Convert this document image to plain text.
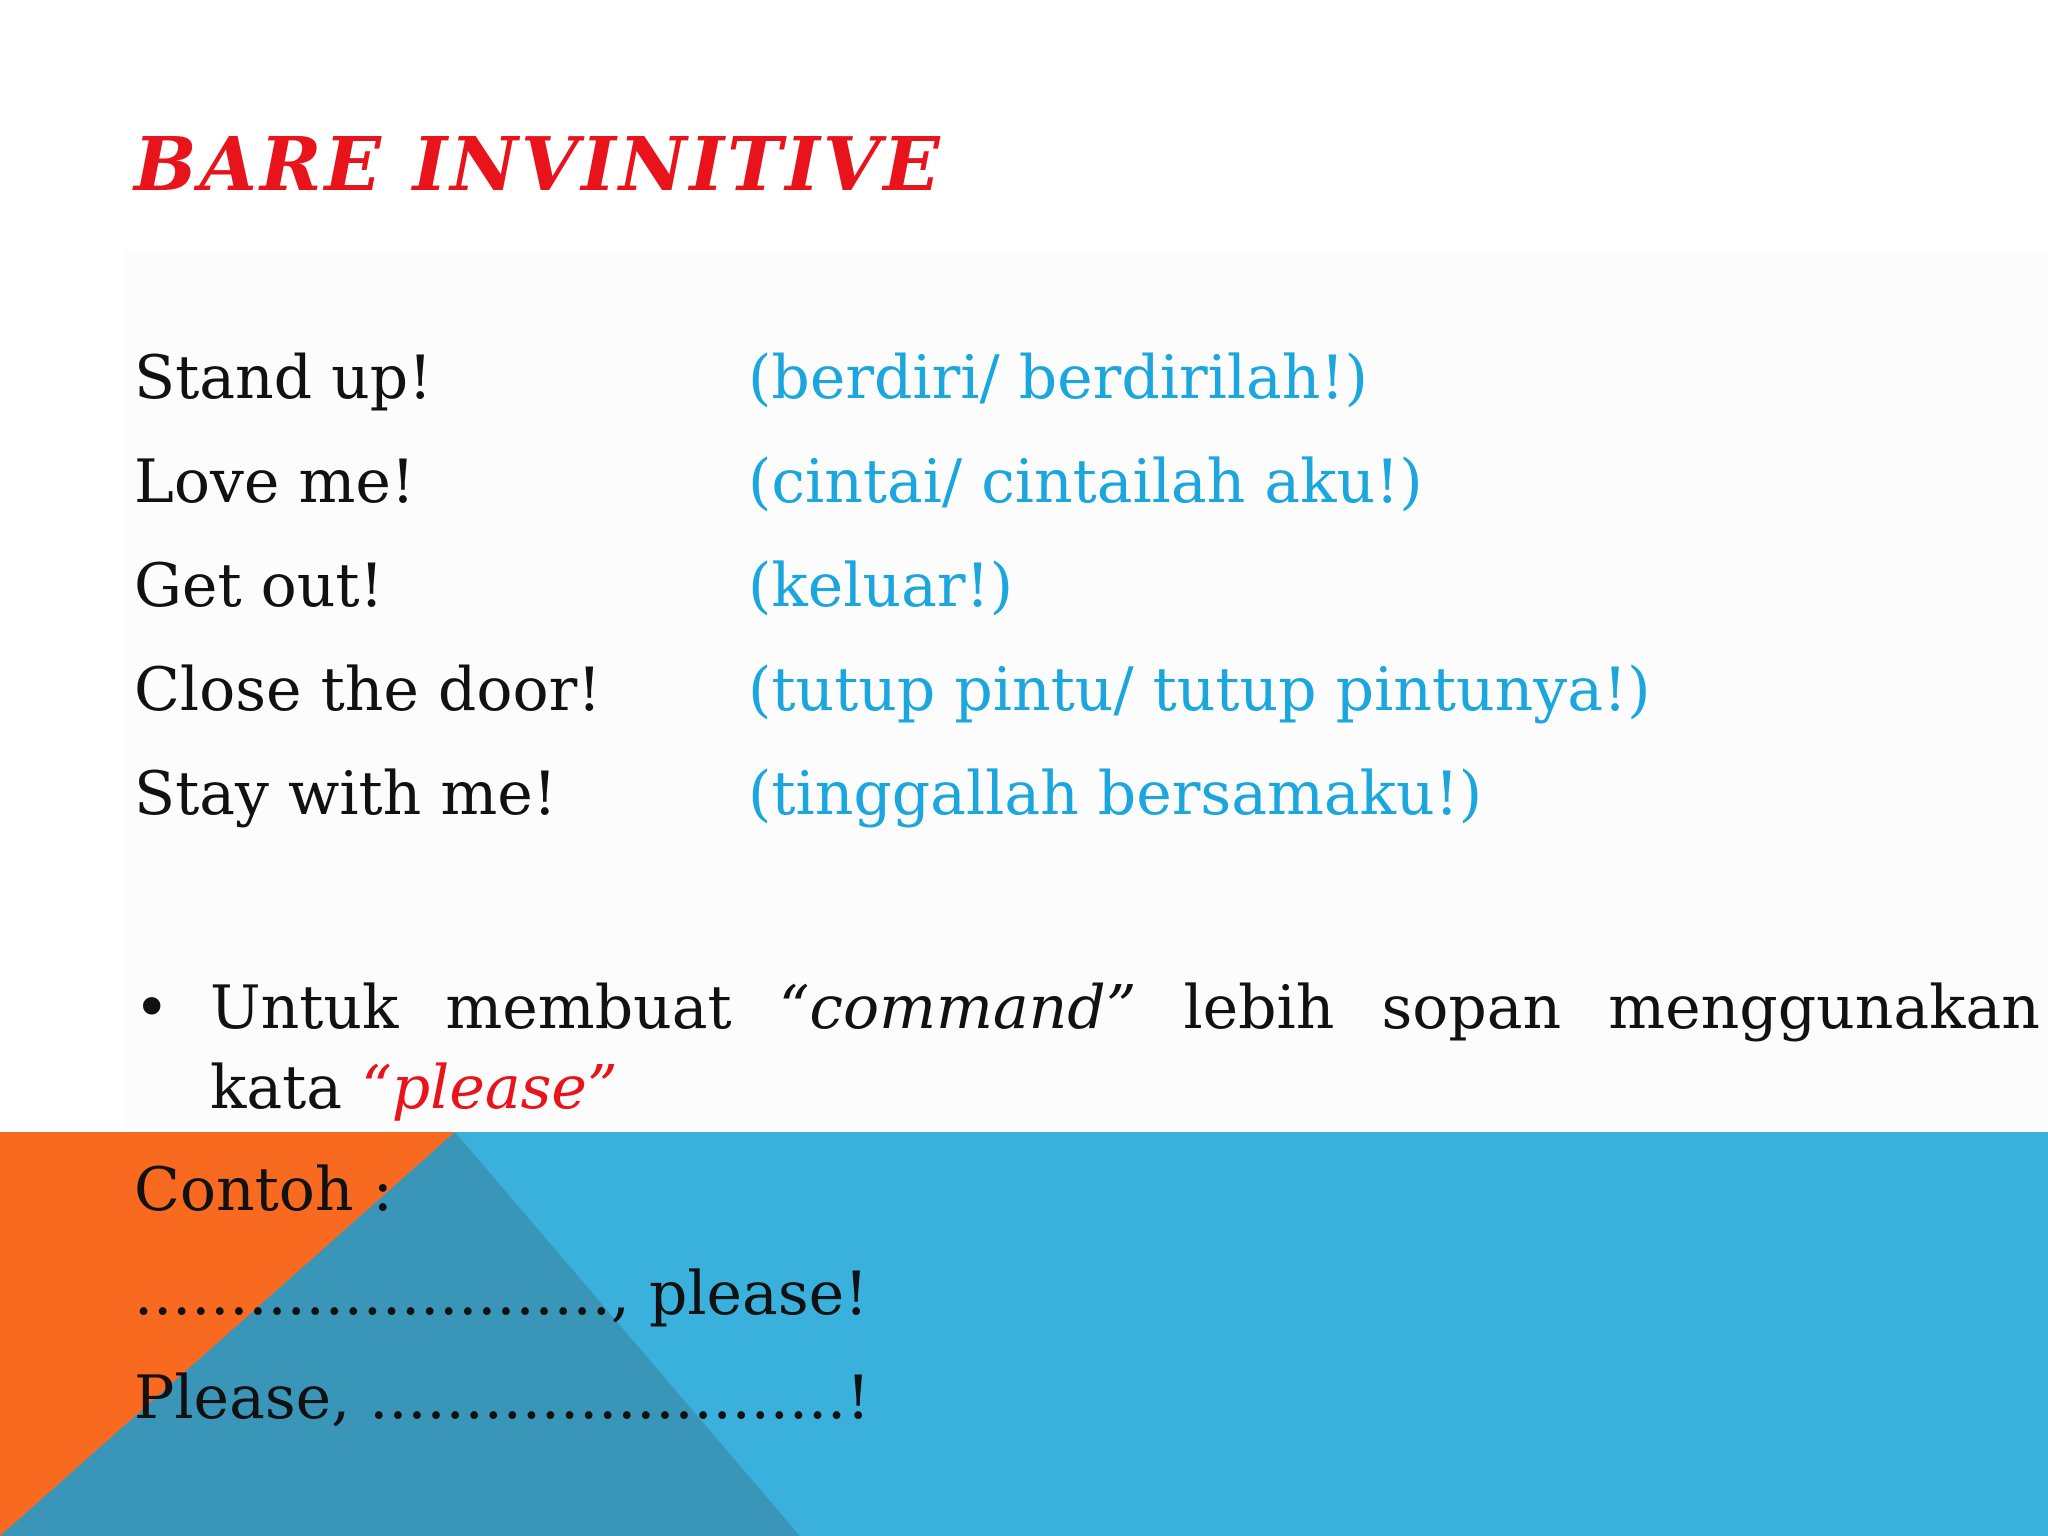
BARE INVINITIVE
Stand up!	(berdiri/ berdirilah!)
Love me!	(cintai/ cintailah aku!)
Get out!	(keluar!)
Close the door! (tutup pintu/ tutup pintunya!)
Stay with me!	(tinggallah bersamaku!)
• Untuk membuat “command” lebih sopan menggunakan
kata “please”
Contoh :
........................., please!
Please, .........................!
